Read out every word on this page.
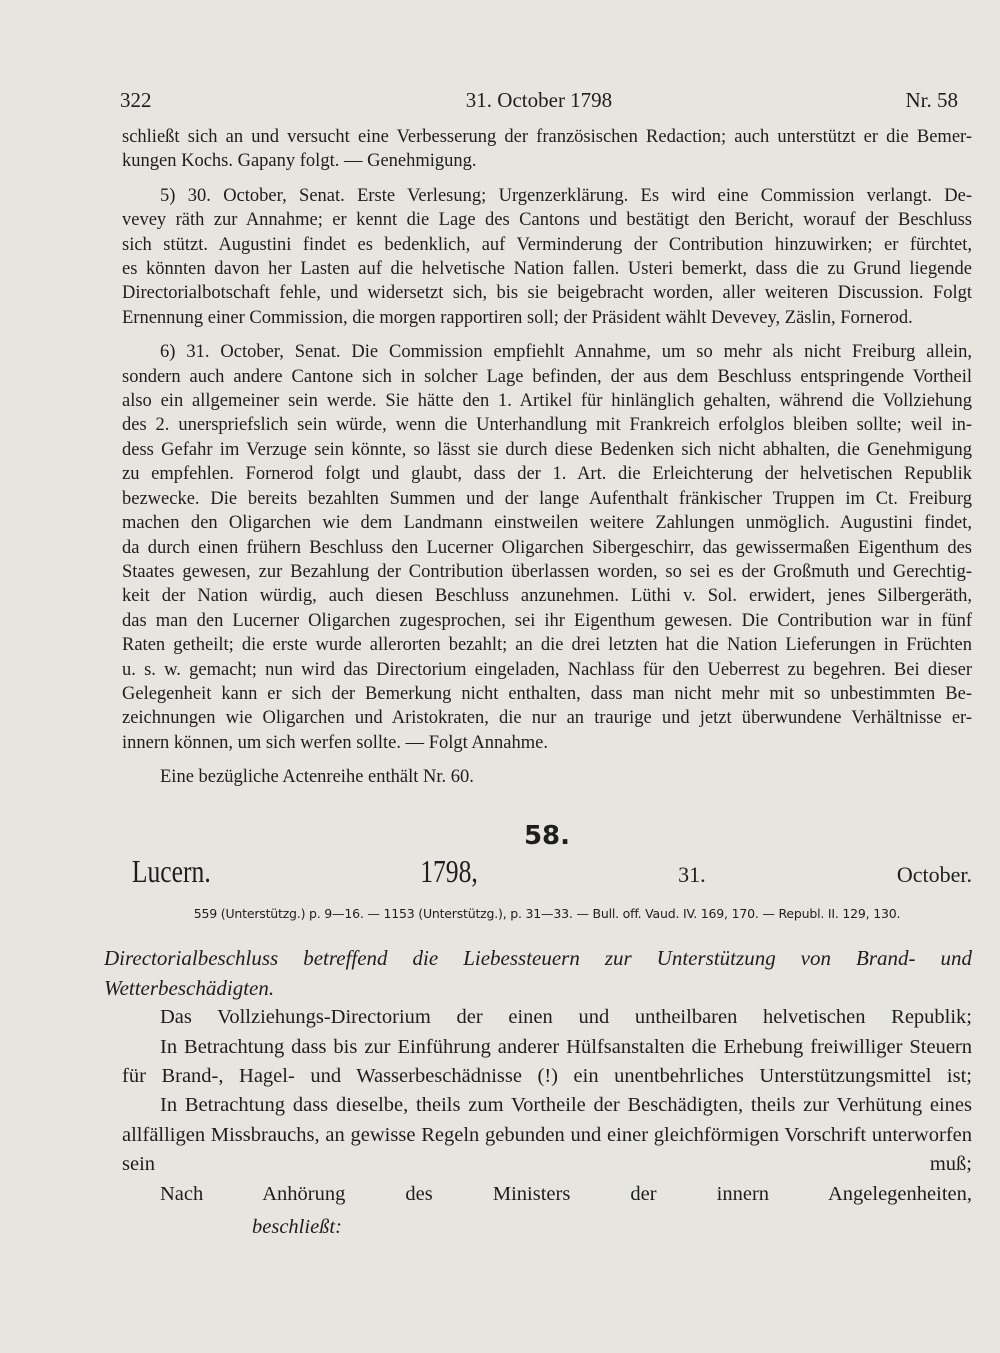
322	31. October 1798	Nr. 58

schließt sich an und versucht eine Verbesserung der französischen Redaction; auch unterstützt er die Bemer-

kungen Kochs. Gapany folgt. — Genehmigung.

5) 30. October, Senat. Erste Verlesung; Urgenzerklärung. Es wird eine Commission verlangt. De-

vevey räth zur Annahme; er kennt die Lage des Cantons und bestätigt den Bericht, worauf der Beschluss

sich stützt. Augustini findet es bedenklich, auf Verminderung der Contribution hinzuwirken; er fürchtet,

es könnten davon her Lasten auf die helvetische Nation fallen. Usteri bemerkt, dass die zu Grund liegende

Directorialbotschaft fehle, und widersetzt sich, bis sie beigebracht worden, aller weiteren Discussion. Folgt

Ernennung einer Commission, die morgen rapportiren soll; der Präsident wählt Devevey, Zäslin, Fornerod.

6) 31. October, Senat. Die Commission empfiehlt Annahme, um so mehr als nicht Freiburg allein,

sondern auch andere Cantone sich in solcher Lage befinden, der aus dem Beschluss entspringende Vortheil

also ein allgemeiner sein werde. Sie hätte den 1. Artikel für hinlänglich gehalten, während die Vollziehung

des 2. unerspriefslich sein würde, wenn die Unterhandlung mit Frankreich erfolglos bleiben sollte; weil in-

dess Gefahr im Verzuge sein könnte, so lässt sie durch diese Bedenken sich nicht abhalten, die Genehmigung

zu empfehlen. Fornerod folgt und glaubt, dass der 1. Art. die Erleichterung der helvetischen Republik

bezwecke. Die bereits bezahlten Summen und der lange Aufenthalt fränkischer Truppen im Ct. Freiburg

machen den Oligarchen wie dem Landmann einstweilen weitere Zahlungen unmöglich. Augustini findet,

da durch einen frühern Beschluss den Lucerner Oligarchen Sibergeschirr, das gewissermaßen Eigenthum des

Staates gewesen, zur Bezahlung der Contribution überlassen worden, so sei es der Großmuth und Gerechtig-

keit der Nation würdig, auch diesen Beschluss anzunehmen. Lüthi v. Sol. erwidert, jenes Silbergeräth,

das man den Lucerner Oligarchen zugesprochen, sei ihr Eigenthum gewesen. Die Contribution war in fünf

Raten getheilt; die erste wurde allerorten bezahlt; an die drei letzten hat die Nation Lieferungen in Früchten

u. s. w. gemacht; nun wird das Directorium eingeladen, Nachlass für den Ueberrest zu begehren. Bei dieser

Gelegenheit kann er sich der Bemerkung nicht enthalten, dass man nicht mehr mit so unbestimmten Be-

zeichnungen wie Oligarchen und Aristokraten, die nur an traurige und jetzt überwundene Verhältnisse er-

innern können, um sich werfen sollte. — Folgt Annahme.

Eine bezügliche Actenreihe enthält Nr. 60.

58.

Lucern.	1798,	31. October.

559 (Unterstützg.) p. 9—16. — 1153 (Unterstützg.), p. 31—33. — Bull. off. Vaud. IV. 169, 170. — Republ. II. 129, 130.

Directorialbeschluss betreffend die Liebessteuern zur Unterstützung von Brand- und Wetterbeschädigten.

Das Vollziehungs-Directorium der einen und untheilbaren helvetischen Republik;

In Betrachtung dass bis zur Einführung anderer Hülfsanstalten die Erhebung freiwilliger Steuern

für Brand-, Hagel- und Wasserbeschädnisse (!) ein unentbehrliches Unterstützungsmittel ist;

In Betrachtung dass dieselbe, theils zum Vortheile der Beschädigten, theils zur Verhütung eines

allfälligen Missbrauchs, an gewisse Regeln gebunden und einer gleichförmigen Vorschrift unterworfen

sein muß;

Nach Anhörung des Ministers der innern Angelegenheiten,

beschließt:
